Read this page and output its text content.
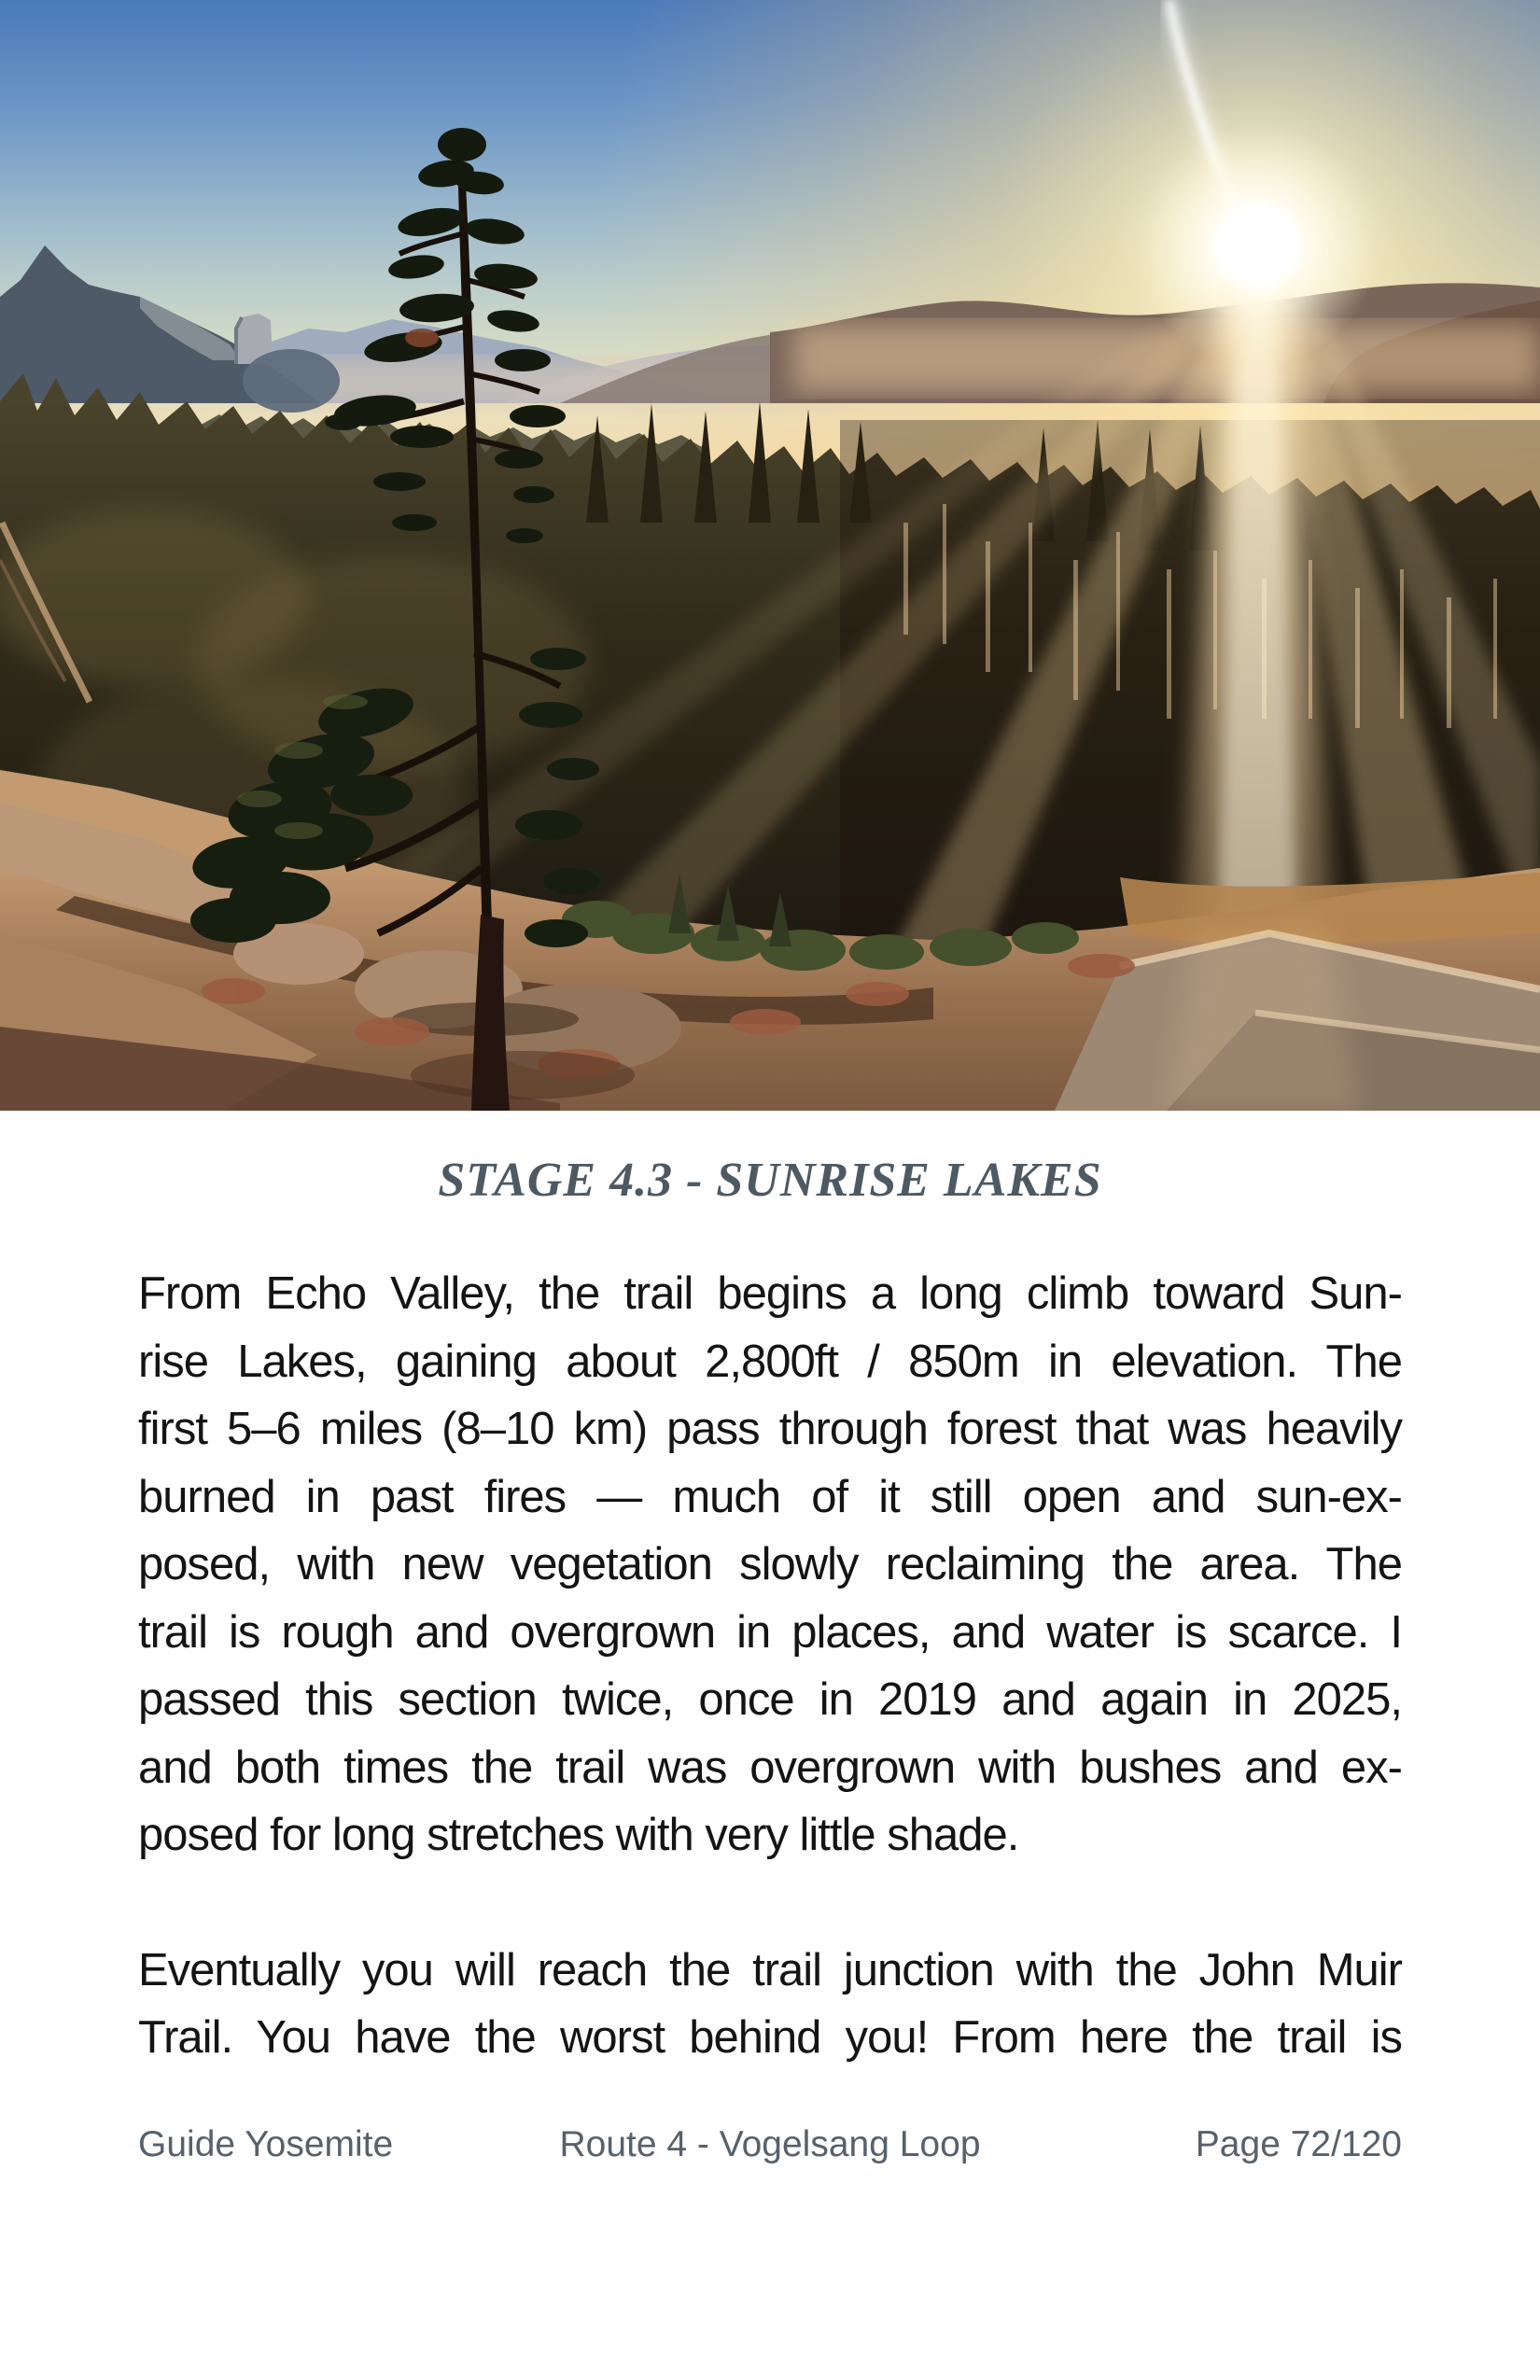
STAGE 4.3 - SUNRISE LAKES

From Echo Valley, the trail begins a long climb toward Sun-
rise Lakes, gaining about 2,800ft / 850m in elevation. The
first 5–6 miles (8–10 km) pass through forest that was heavily
burned in past fires — much of it still open and sun-ex-
posed, with new vegetation slowly reclaiming the area. The
trail is rough and overgrown in places, and water is scarce. I
passed this section twice, once in 2019 and again in 2025,
and both times the trail was overgrown with bushes and ex-
posed for long stretches with very little shade.

Eventually you will reach the trail junction with the John Muir
Trail. You have the worst behind you! From here the trail is

Guide Yosemite	Route 4 - Vogelsang Loop	Page 72/120
